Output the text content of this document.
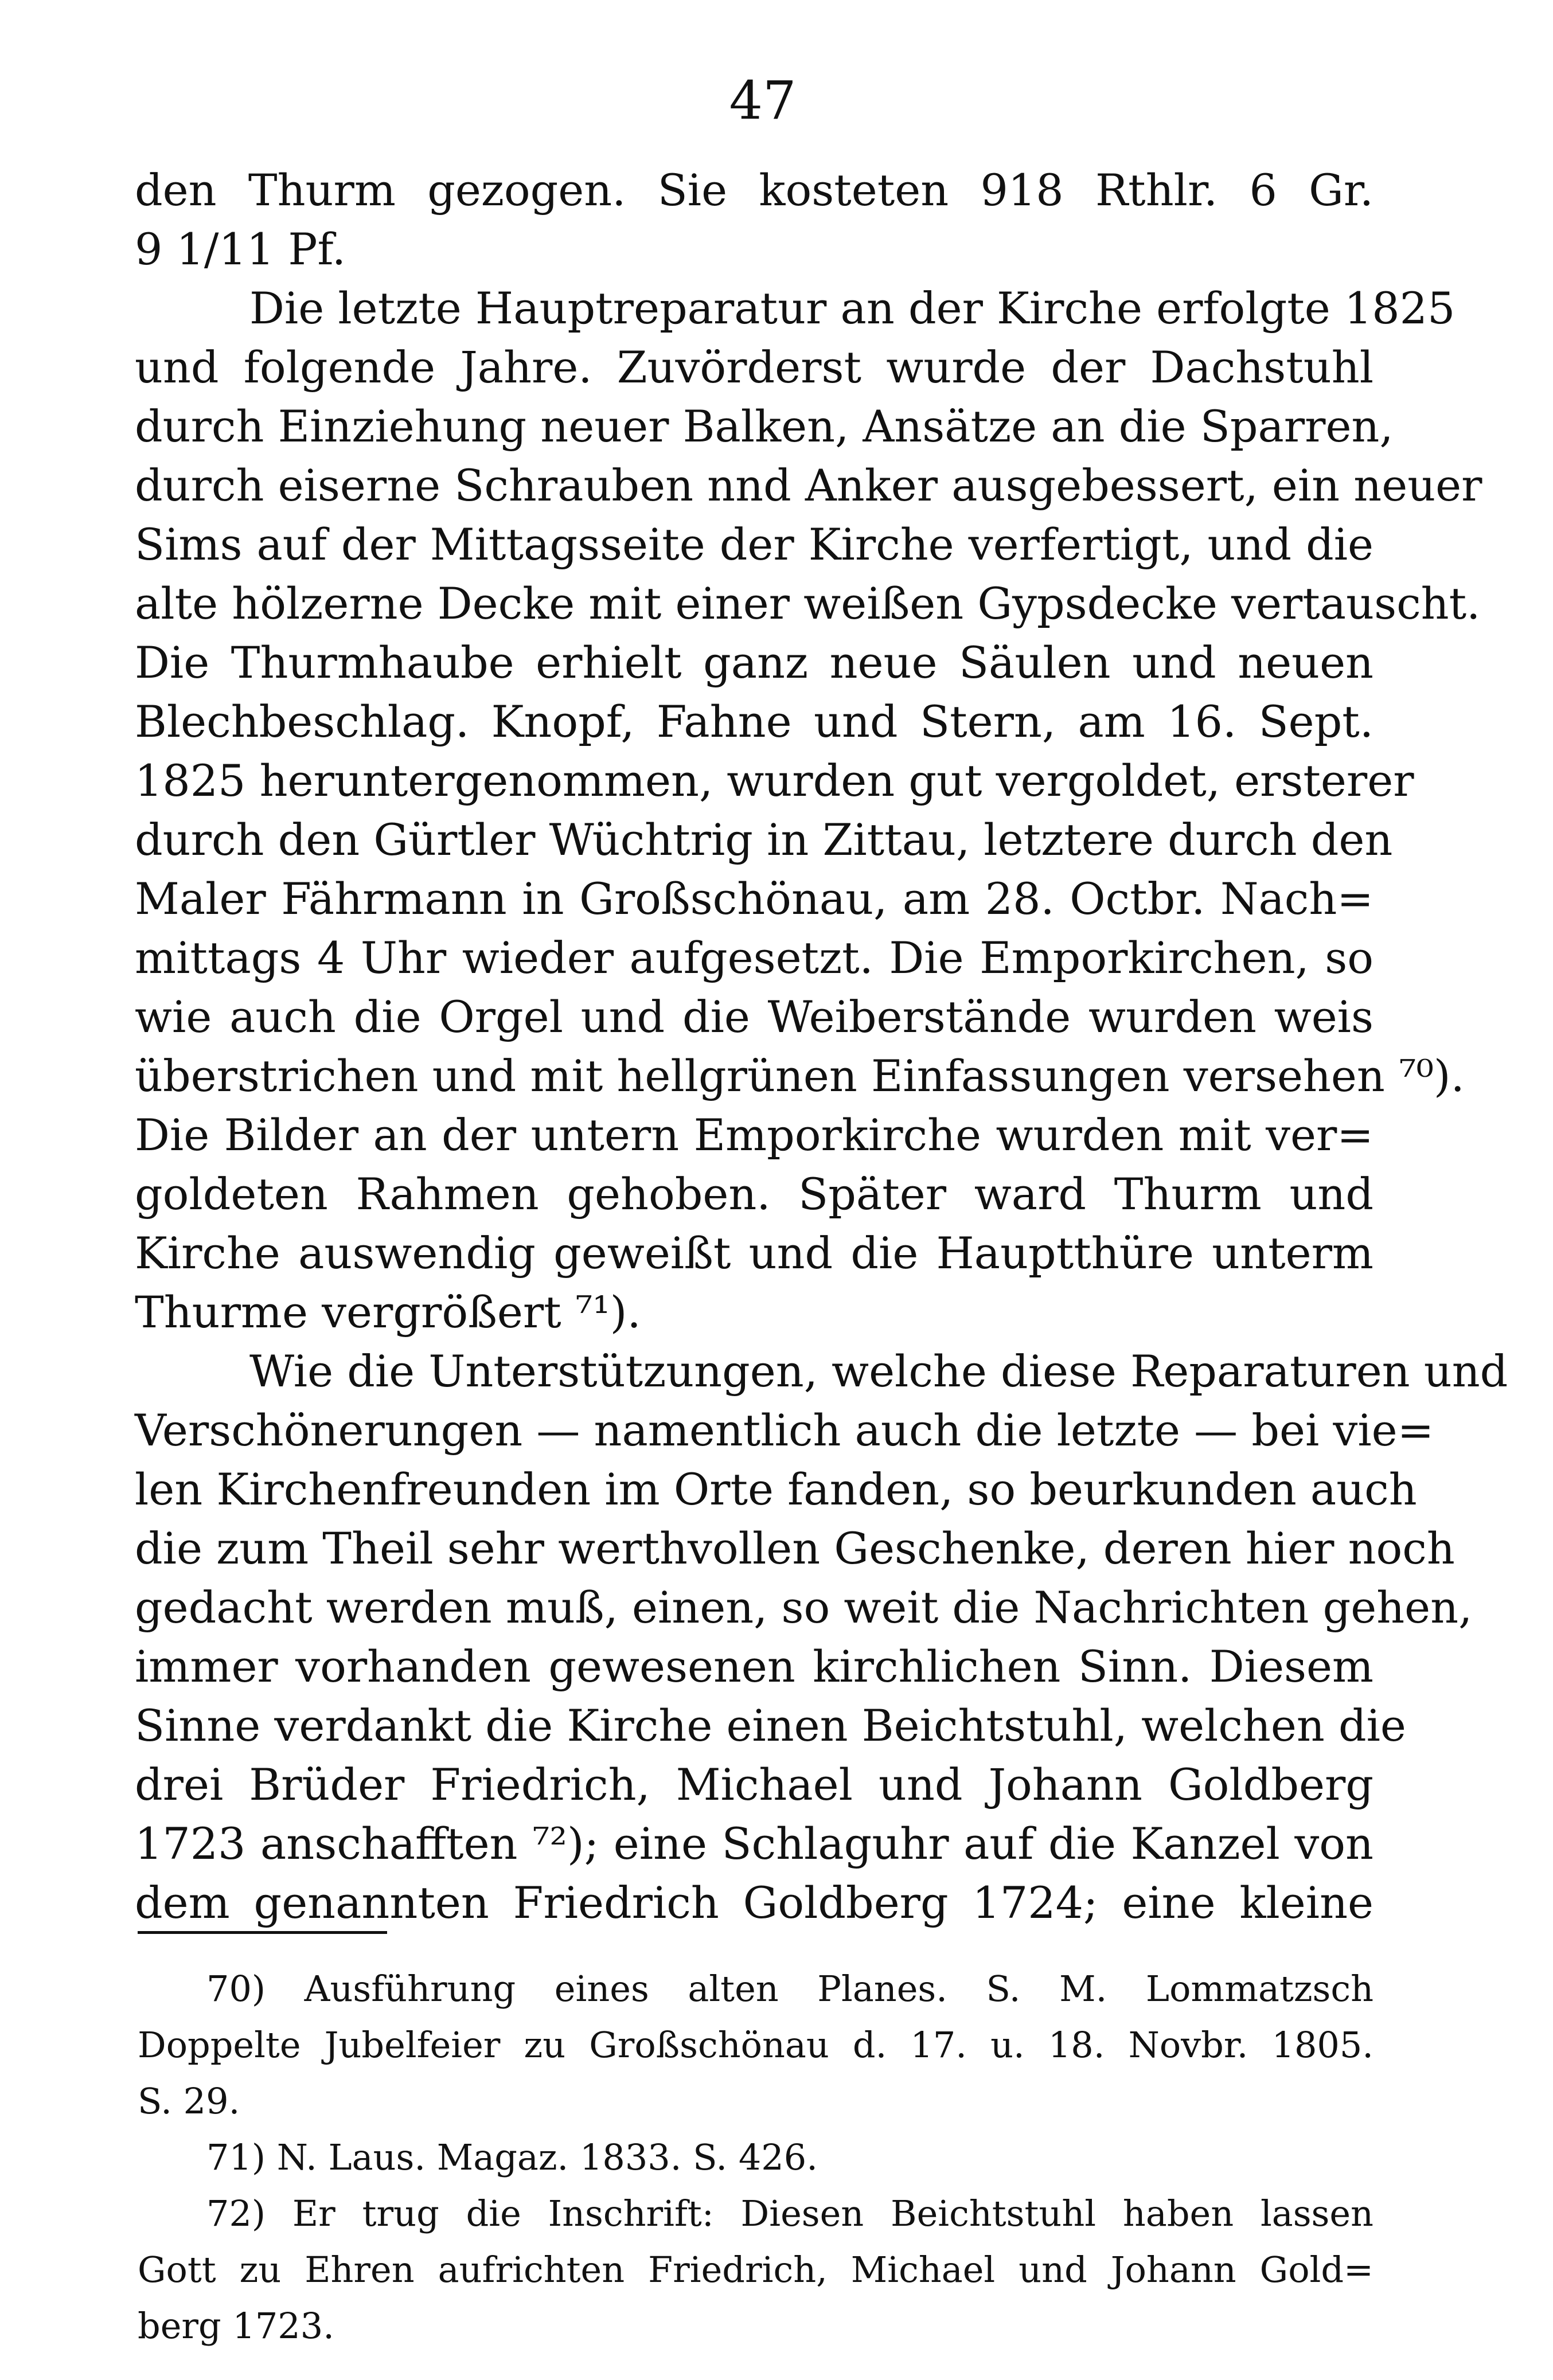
47
den Thurm gezogen. Sie kosteten 918 Rthlr. 6 Gr.
9 1/11 Pf.
Die letzte Hauptreparatur an der Kirche erfolgte 1825
und folgende Jahre. Zuvörderst wurde der Dachstuhl
durch Einziehung neuer Balken, Ansätze an die Sparren,
durch eiserne Schrauben nnd Anker ausgebessert, ein neuer
Sims auf der Mittagsseite der Kirche verfertigt, und die
alte hölzerne Decke mit einer weißen Gypsdecke vertauscht.
Die Thurmhaube erhielt ganz neue Säulen und neuen
Blechbeschlag. Knopf, Fahne und Stern, am 16. Sept.
1825 heruntergenommen, wurden gut vergoldet, ersterer
durch den Gürtler Wüchtrig in Zittau, letztere durch den
Maler Fährmann in Großschönau, am 28. Octbr. Nach=
mittags 4 Uhr wieder aufgesetzt. Die Emporkirchen, so
wie auch die Orgel und die Weiberstände wurden weis
überstrichen und mit hellgrünen Einfassungen versehen ⁷⁰).
Die Bilder an der untern Emporkirche wurden mit ver=
goldeten Rahmen gehoben. Später ward Thurm und
Kirche auswendig geweißt und die Hauptthüre unterm
Thurme vergrößert ⁷¹).
Wie die Unterstützungen, welche diese Reparaturen und
Verschönerungen — namentlich auch die letzte — bei vie=
len Kirchenfreunden im Orte fanden, so beurkunden auch
die zum Theil sehr werthvollen Geschenke, deren hier noch
gedacht werden muß, einen, so weit die Nachrichten gehen,
immer vorhanden gewesenen kirchlichen Sinn. Diesem
Sinne verdankt die Kirche einen Beichtstuhl, welchen die
drei Brüder Friedrich, Michael und Johann Goldberg
1723 anschafften ⁷²); eine Schlaguhr auf die Kanzel von
dem genannten Friedrich Goldberg 1724; eine kleine
70) Ausführung eines alten Planes. S. M. Lommatzsch
Doppelte Jubelfeier zu Großschönau d. 17. u. 18. Novbr. 1805.
S. 29.
71) N. Laus. Magaz. 1833. S. 426.
72) Er trug die Inschrift: Diesen Beichtstuhl haben lassen
Gott zu Ehren aufrichten Friedrich, Michael und Johann Gold=
berg 1723.
